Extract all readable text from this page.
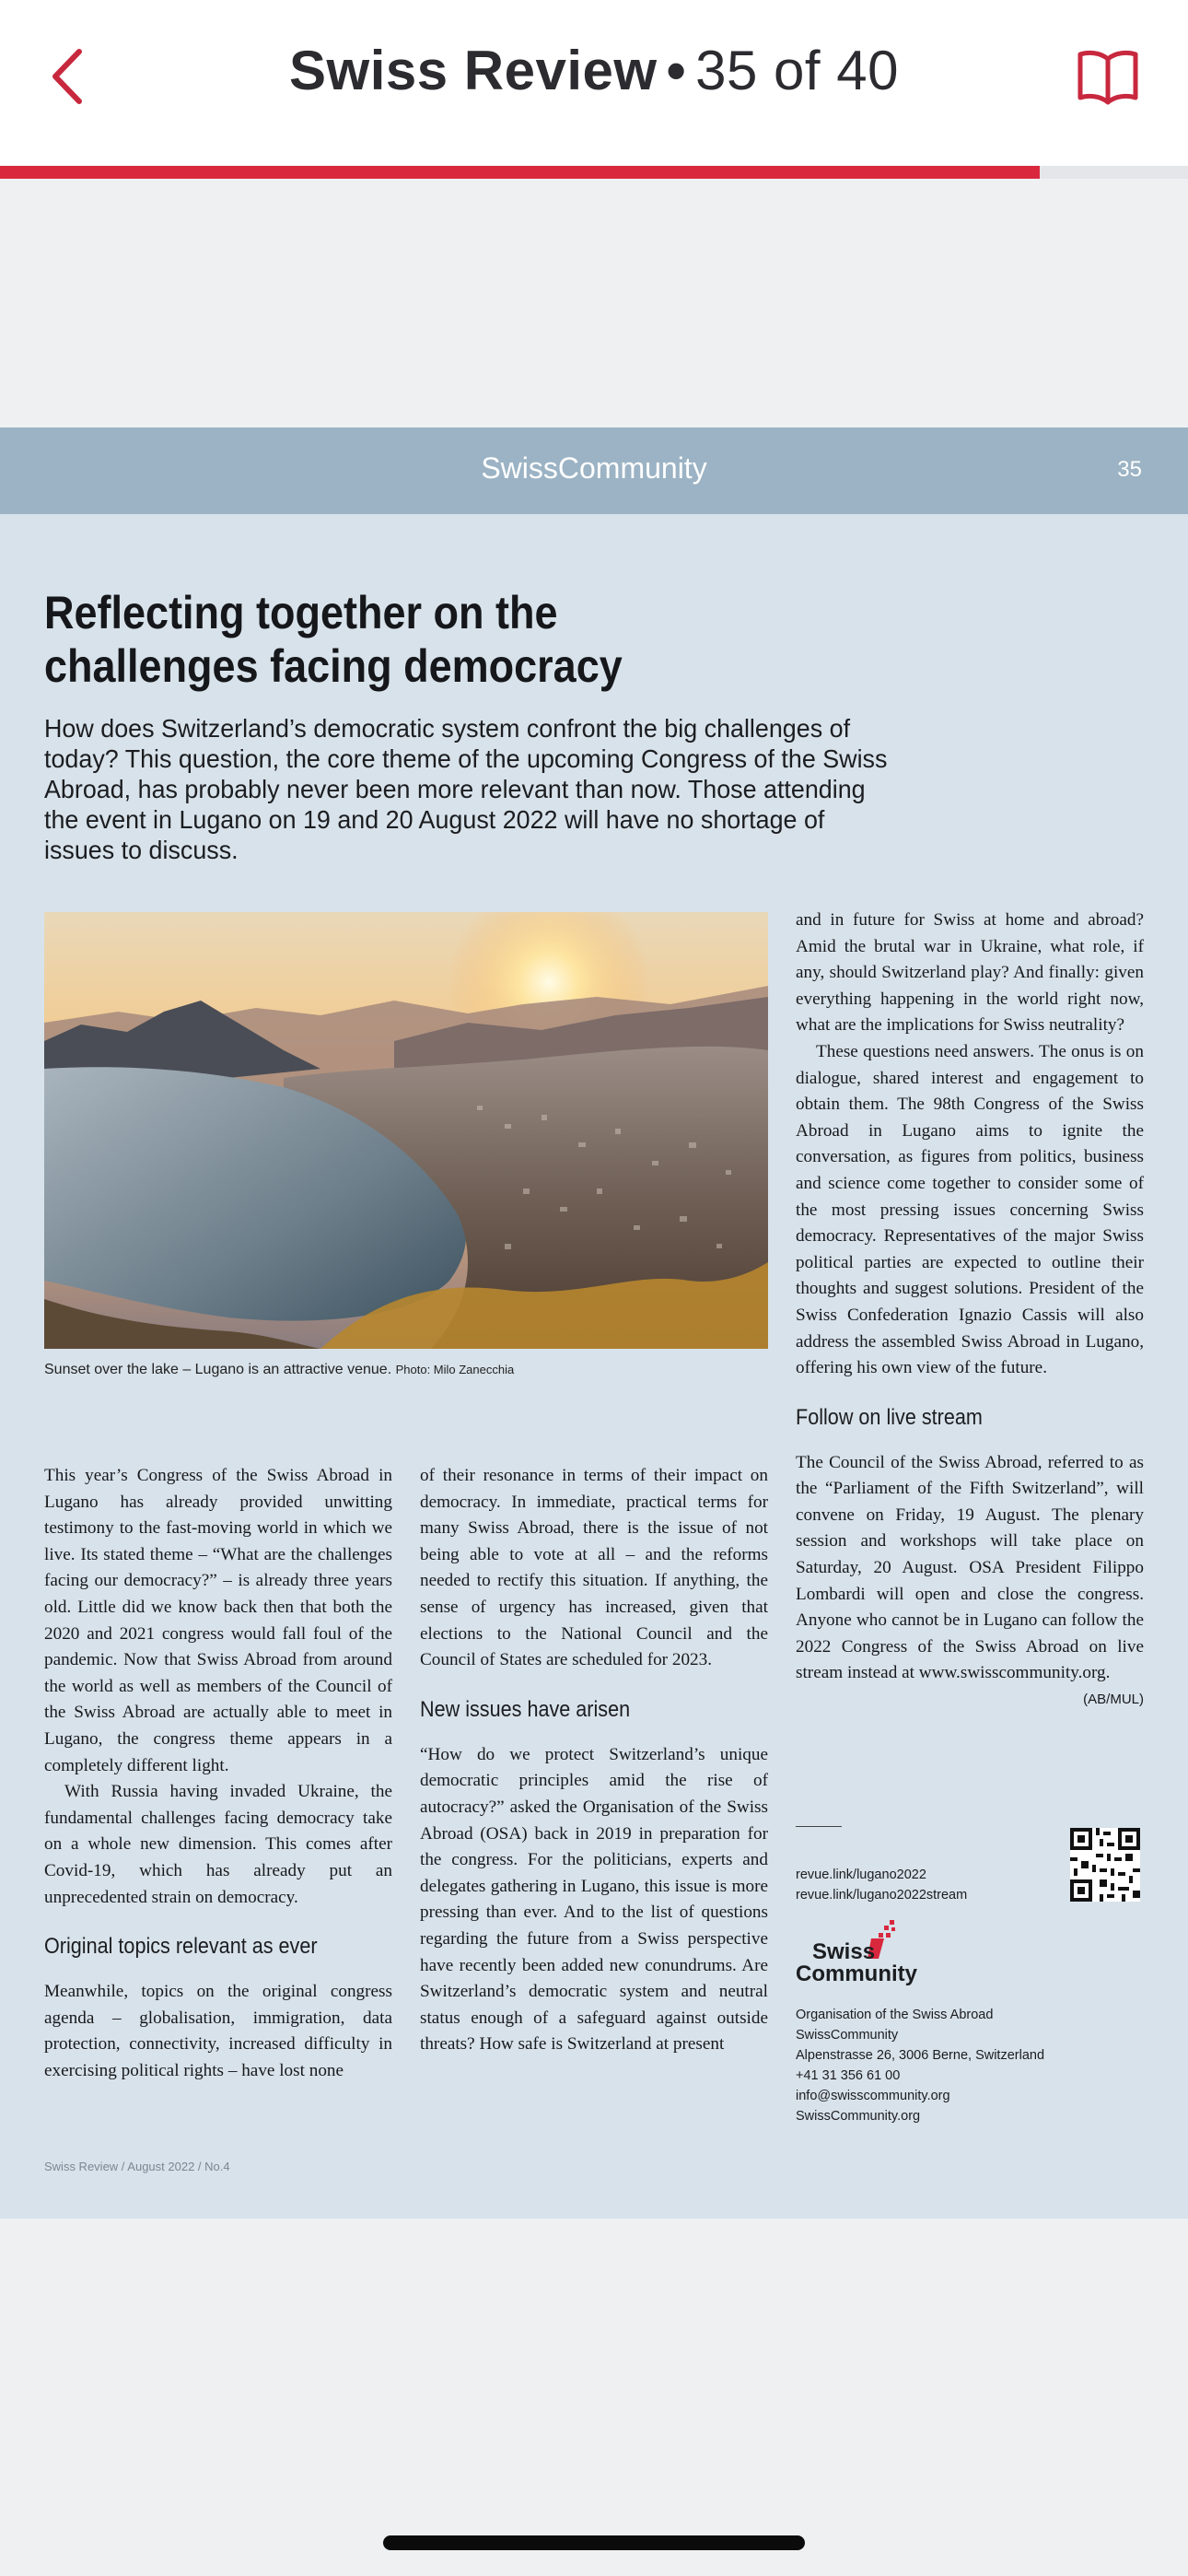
Swiss Review • 35 of 40
SwissCommunity	35
Reflecting together on the challenges facing democracy
How does Switzerland’s democratic system confront the big challenges of today? This question, the core theme of the upcoming Congress of the Swiss Abroad, has probably never been more relevant than now. Those attending the event in Lugano on 19 and 20 August 2022 will have no shortage of issues to discuss.
Sunset over the lake – Lugano is an attractive venue. Photo: Milo Zanecchia

This year’s Congress of the Swiss Abroad in Lugano has already provided unwitting testimony to the fast-moving world in which we live. Its stated theme – “What are the challenges facing our democracy?” – is already three years old. Little did we know back then that both the 2020 and 2021 congress would fall foul of the pandemic. Now that Swiss Abroad from around the world as well as members of the Council of the Swiss Abroad are actually able to meet in Lugano, the congress theme appears in a completely different light.

With Russia having invaded Ukraine, the fundamental challenges facing democracy take on a whole new dimension. This comes after Covid-19, which has already put an unprecedented strain on democracy.

Original topics relevant as ever

Meanwhile, topics on the original congress agenda – globalisation, immigration, data protection, connectivity, increased difficulty in exercising political rights – have lost none

of their resonance in terms of their impact on democracy. In immediate, practical terms for many Swiss Abroad, there is the issue of not being able to vote at all – and the reforms needed to rectify this situation. If anything, the sense of urgency has increased, given that elections to the National Council and the Council of States are scheduled for 2023.

New issues have arisen

“How do we protect Switzerland’s unique democratic principles amid the rise of autocracy?” asked the Organisation of the Swiss Abroad (OSA) back in 2019 in preparation for the congress. For the politicians, experts and delegates gathering in Lugano, this issue is more pressing than ever. And to the list of questions regarding the future from a Swiss perspective have recently been added new conundrums. Are Switzerland’s democratic system and neutral status enough of a safeguard against outside threats? How safe is Switzerland at present

and in future for Swiss at home and abroad? Amid the brutal war in Ukraine, what role, if any, should Switzerland play? And finally: given everything happening in the world right now, what are the implications for Swiss neutrality?

These questions need answers. The onus is on dialogue, shared interest and engagement to obtain them. The 98th Congress of the Swiss Abroad in Lugano aims to ignite the conversation, as figures from politics, business and science come together to consider some of the most pressing issues concerning Swiss democracy. Representatives of the major Swiss political parties are expected to outline their thoughts and suggest solutions. President of the Swiss Confederation Ignazio Cassis will also address the assembled Swiss Abroad in Lugano, offering his own view of the future.

Follow on live stream

The Council of the Swiss Abroad, referred to as the “Parliament of the Fifth Switzerland”, will convene on Friday, 19 August. The plenary session and workshops will take place on Saturday, 20 August. OSA President Filippo Lombardi will open and close the congress. Anyone who cannot be in Lugano can follow the 2022 Congress of the Swiss Abroad on live stream instead at www.swisscommunity.org.
(AB/MUL)

revue.link/lugano2022
revue.link/lugano2022stream
Swiss
Community
Organisation of the Swiss Abroad
SwissCommunity
Alpenstrasse 26, 3006 Berne, Switzerland
+41 31 356 61 00
info@swisscommunity.org
SwissCommunity.org
Swiss Review / August 2022 / No.4
